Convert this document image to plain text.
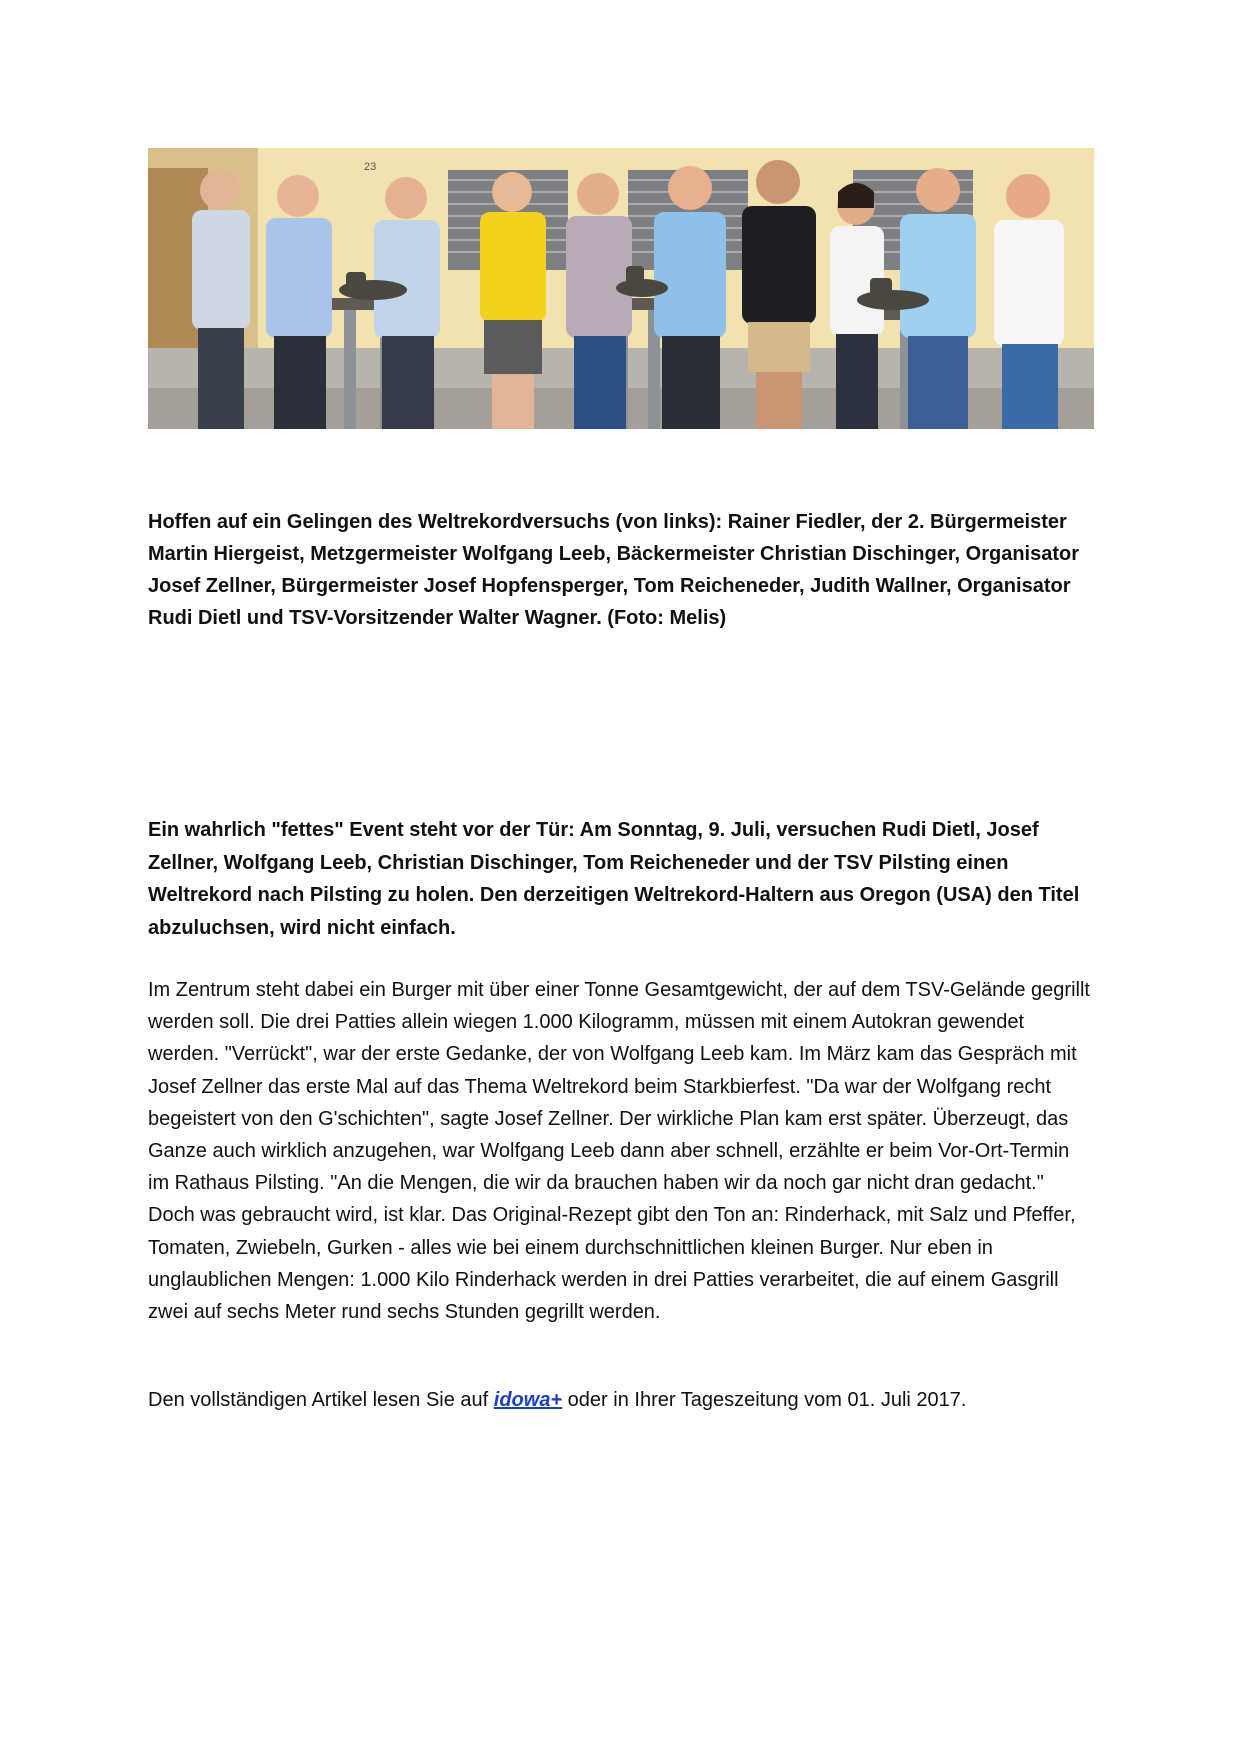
23

Hoffen auf ein Gelingen des Weltrekordversuchs (von links): Rainer Fiedler, der 2. Bürgermeister Martin Hiergeist, Metzgermeister Wolfgang Leeb, Bäckermeister Christian Dischinger, Organisator Josef Zellner, Bürgermeister Josef Hopfensperger, Tom Reicheneder, Judith Wallner, Organisator Rudi Dietl und TSV-Vorsitzender Walter Wagner. (Foto: Melis)

Ein wahrlich "fettes" Event steht vor der Tür: Am Sonntag, 9. Juli, versuchen Rudi Dietl, Josef Zellner, Wolfgang Leeb, Christian Dischinger, Tom Reicheneder und der TSV Pilsting einen Weltrekord nach Pilsting zu holen. Den derzeitigen Weltrekord-Haltern aus Oregon (USA) den Titel abzuluchsen, wird nicht einfach.

Im Zentrum steht dabei ein Burger mit über einer Tonne Gesamtgewicht, der auf dem TSV-Gelände gegrillt werden soll. Die drei Patties allein wiegen 1.000 Kilogramm, müssen mit einem Autokran gewendet werden. "Verrückt", war der erste Gedanke, der von Wolfgang Leeb kam. Im März kam das Gespräch mit Josef Zellner das erste Mal auf das Thema Weltrekord beim Starkbierfest. "Da war der Wolfgang recht begeistert von den G'schichten", sagte Josef Zellner. Der wirkliche Plan kam erst später. Überzeugt, das Ganze auch wirklich anzugehen, war Wolfgang Leeb dann aber schnell, erzählte er beim Vor-Ort-Termin im Rathaus Pilsting. "An die Mengen, die wir da brauchen haben wir da noch gar nicht dran gedacht." Doch was gebraucht wird, ist klar. Das Original-Rezept gibt den Ton an: Rinderhack, mit Salz und Pfeffer, Tomaten, Zwiebeln, Gurken - alles wie bei einem durchschnittlichen kleinen Burger. Nur eben in unglaublichen Mengen: 1.000 Kilo Rinderhack werden in drei Patties verarbeitet, die auf einem Gasgrill zwei auf sechs Meter rund sechs Stunden gegrillt werden.

Den vollständigen Artikel lesen Sie auf idowa+ oder in Ihrer Tageszeitung vom 01. Juli 2017.
